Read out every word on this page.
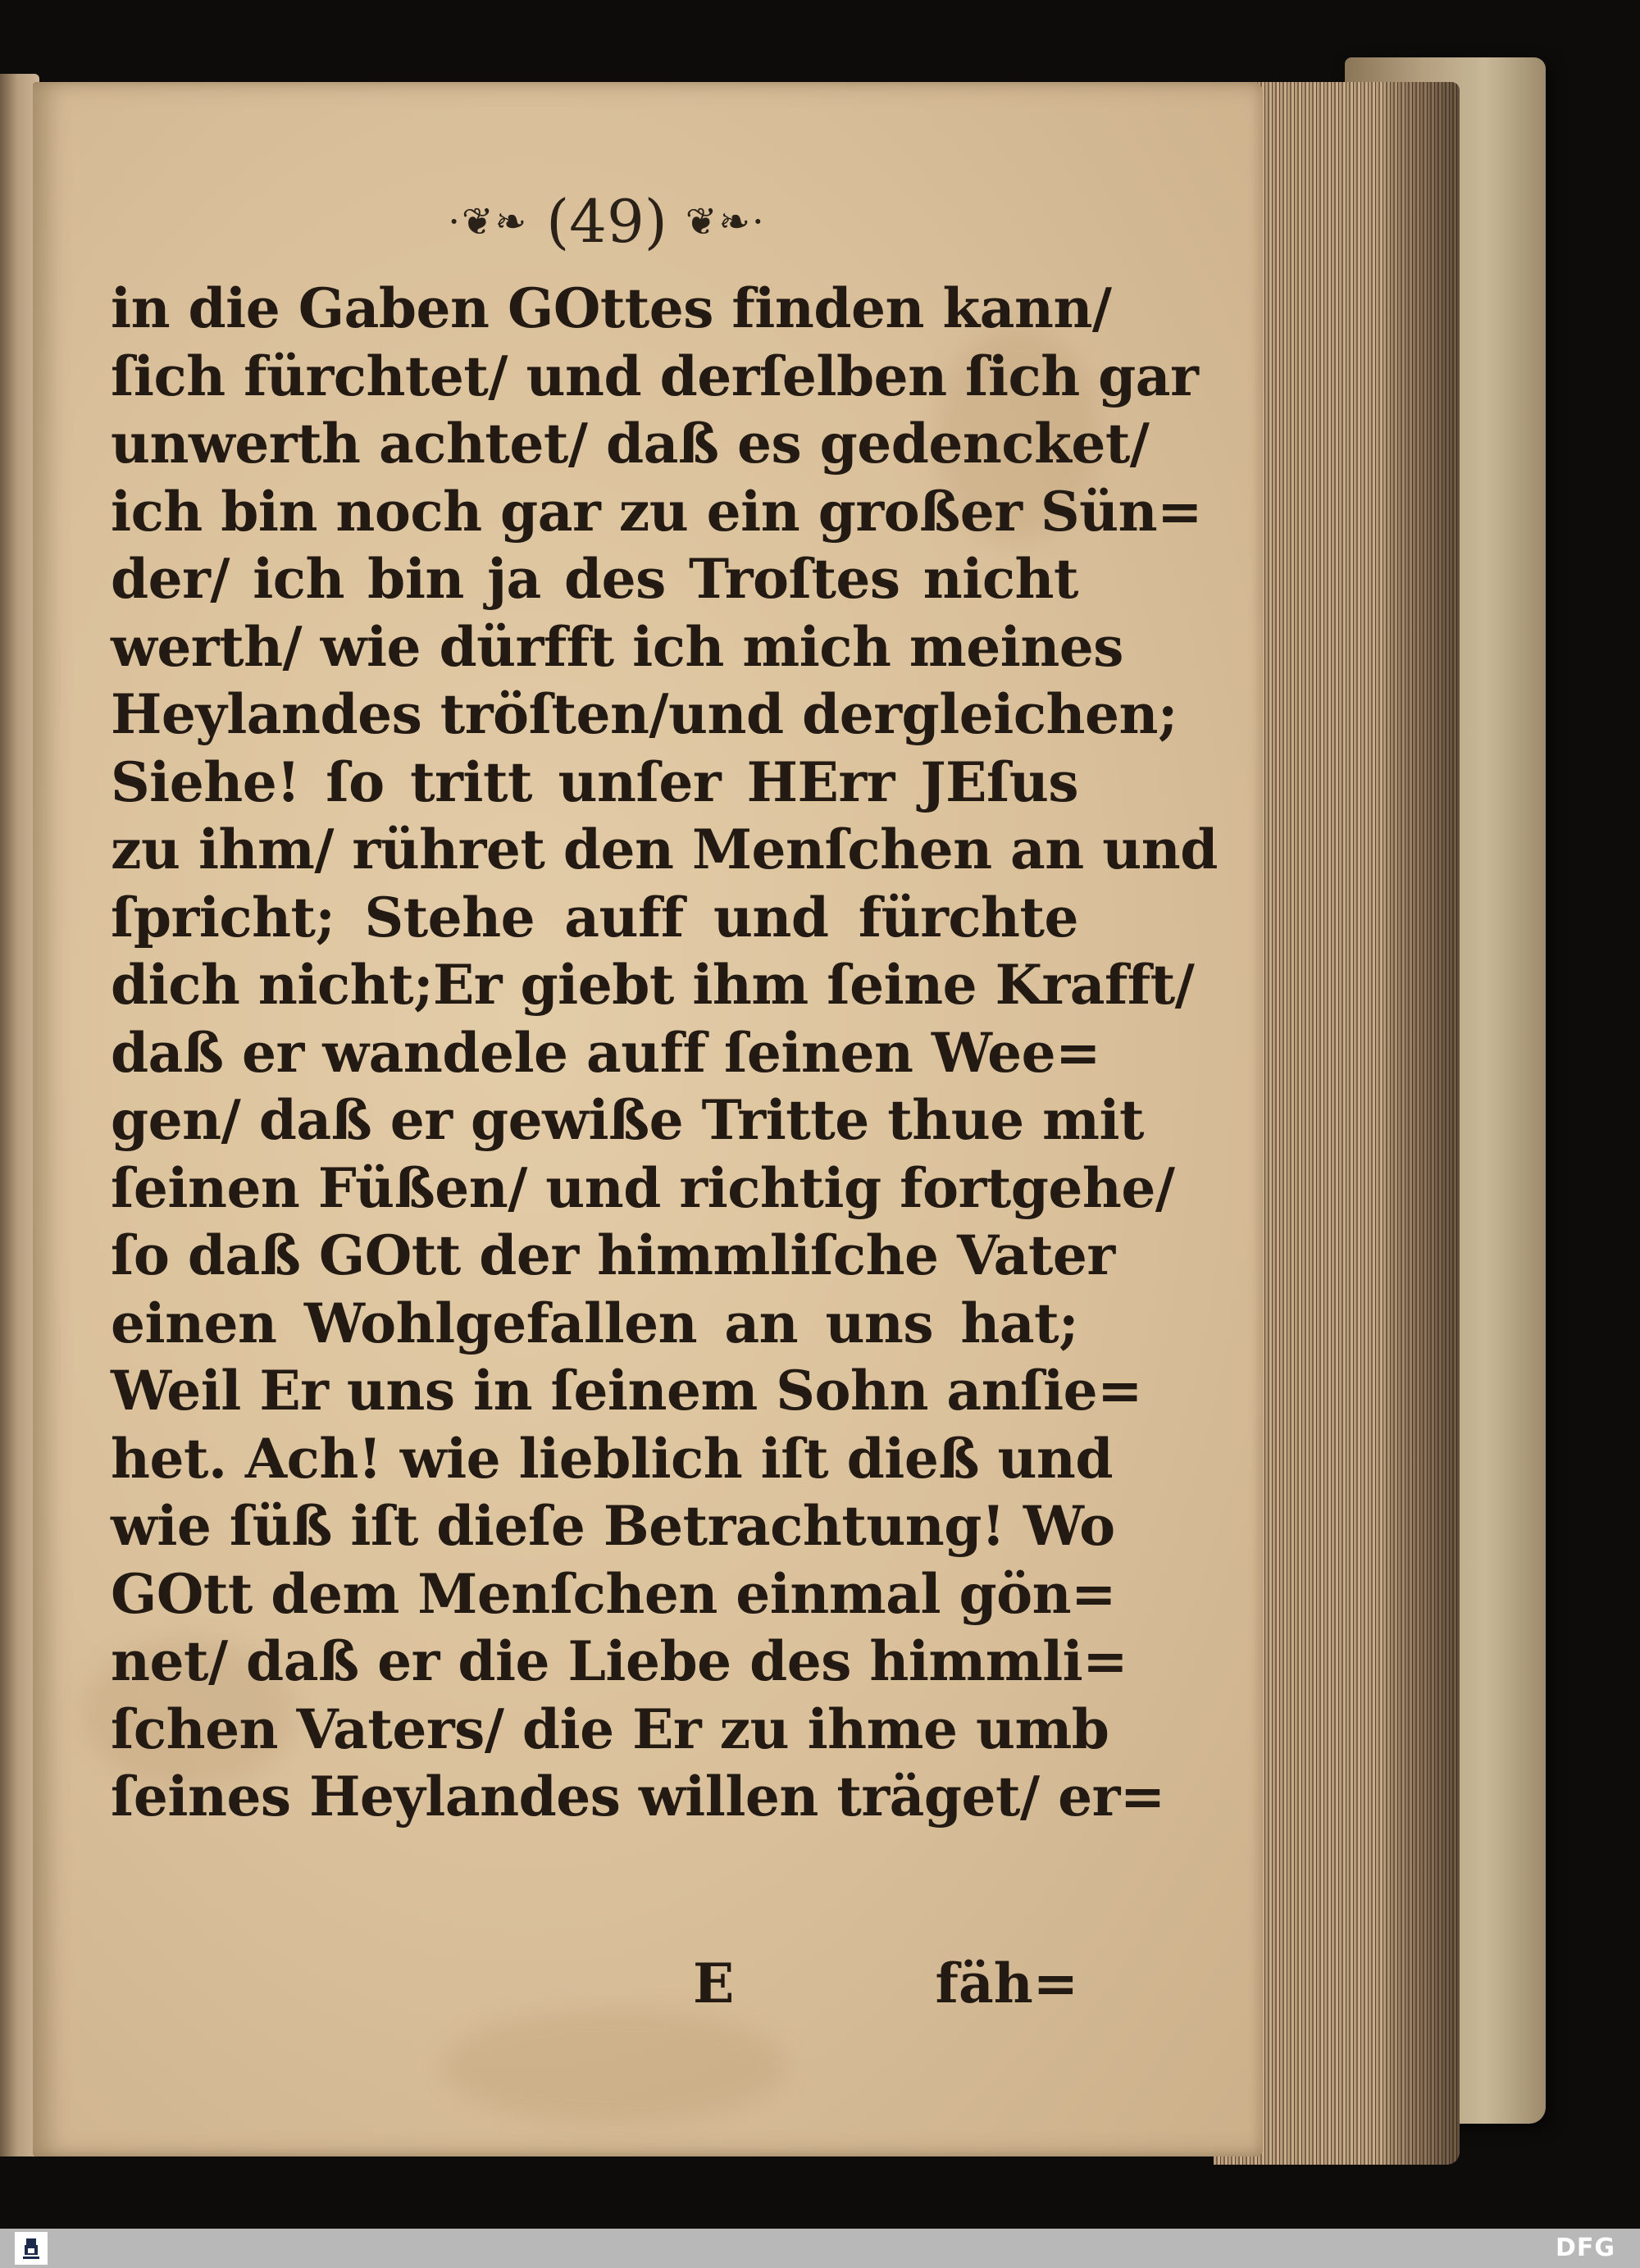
·❦❧ (49) ❦❧·
in die Gaben GOttes finden kann/
ſich fürchtet/ und derſelben ſich gar
unwerth achtet/ daß es gedencket/
ich bin noch gar zu ein großer Sün=
der/ ich bin ja des Troſtes nicht
werth/ wie dürfft ich mich meines
Heylandes tröſten/und dergleichen;
Siehe! ſo tritt unſer HErr JEſus
zu ihm/ rühret den Menſchen an und
ſpricht; Stehe auff und fürchte
dich nicht;Er giebt ihm ſeine Krafft/
daß er wandele auff ſeinen Wee=
gen/ daß er gewiße Tritte thue mit
ſeinen Füßen/ und richtig fortgehe/
ſo daß GOtt der himmliſche Vater
einen Wohlgefallen an uns hat;
Weil Er uns in ſeinem Sohn anſie=
het. Ach! wie lieblich iſt dieß und
wie ſüß iſt dieſe Betrachtung! Wo
GOtt dem Menſchen einmal gön=
net/ daß er die Liebe des himmli=
ſchen Vaters/ die Er zu ihme umb
ſeines Heylandes willen träget/ er=
E	fäh=
DFG
